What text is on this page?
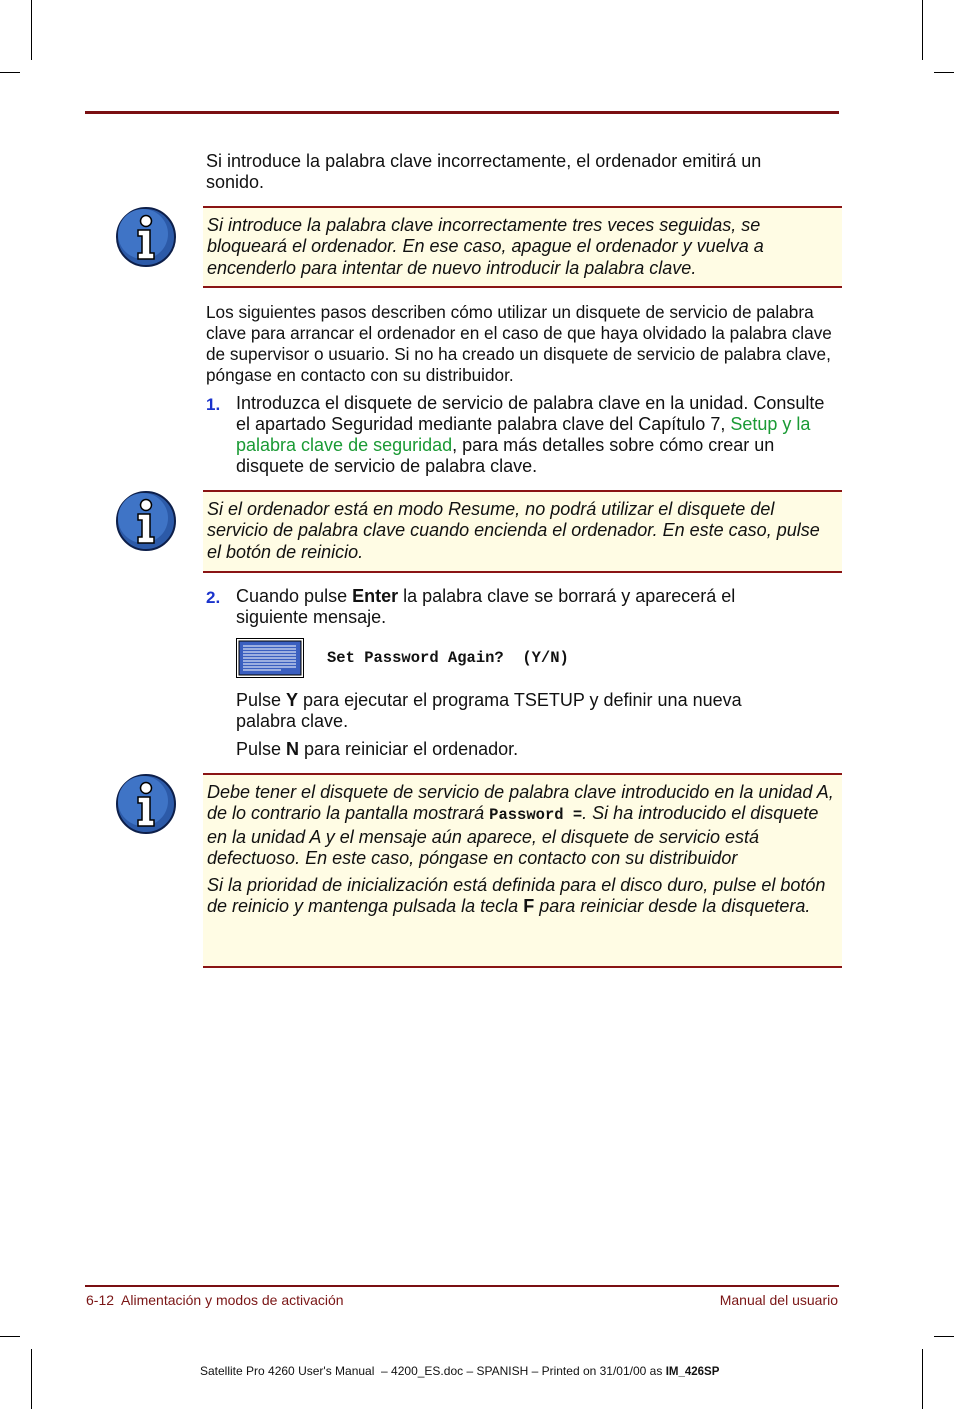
Si introduce la palabra clave incorrectamente, el ordenador emitirá un sonido.

Si introduce la palabra clave incorrectamente tres veces seguidas, se bloqueará el ordenador. En ese caso, apague el ordenador y vuelva a encenderlo para intentar de nuevo introducir la palabra clave.

Los siguientes pasos describen cómo utilizar un disquete de servicio de palabra clave para arrancar el ordenador en el caso de que haya olvidado la palabra clave de supervisor o usuario. Si no ha creado un disquete de servicio de palabra clave, póngase en contacto con su distribuidor.

1. Introduzca el disquete de servicio de palabra clave en la unidad. Consulte el apartado Seguridad mediante palabra clave del Capítulo 7, Setup y la palabra clave de seguridad, para más detalles sobre cómo crear un disquete de servicio de palabra clave.

Si el ordenador está en modo Resume, no podrá utilizar el disquete del servicio de palabra clave cuando encienda el ordenador. En este caso, pulse el botón de reinicio.

2. Cuando pulse Enter la palabra clave se borrará y aparecerá el siguiente mensaje.

Set Password Again?  (Y/N)

Pulse Y para ejecutar el programa TSETUP y definir una nueva palabra clave.

Pulse N para reiniciar el ordenador.

Debe tener el disquete de servicio de palabra clave introducido en la unidad A, de lo contrario la pantalla mostrará Password =. Si ha introducido el disquete en la unidad A y el mensaje aún aparece, el disquete de servicio está defectuoso. En este caso, póngase en contacto con su distribuidor

Si la prioridad de inicialización está definida para el disco duro, pulse el botón de reinicio y mantenga pulsada la tecla F para reiniciar desde la disquetera.

6-12  Alimentación y modos de activación	Manual del usuario
Satellite Pro 4260 User's Manual  – 4200_ES.doc – SPANISH – Printed on 31/01/00 as IM_426SP
